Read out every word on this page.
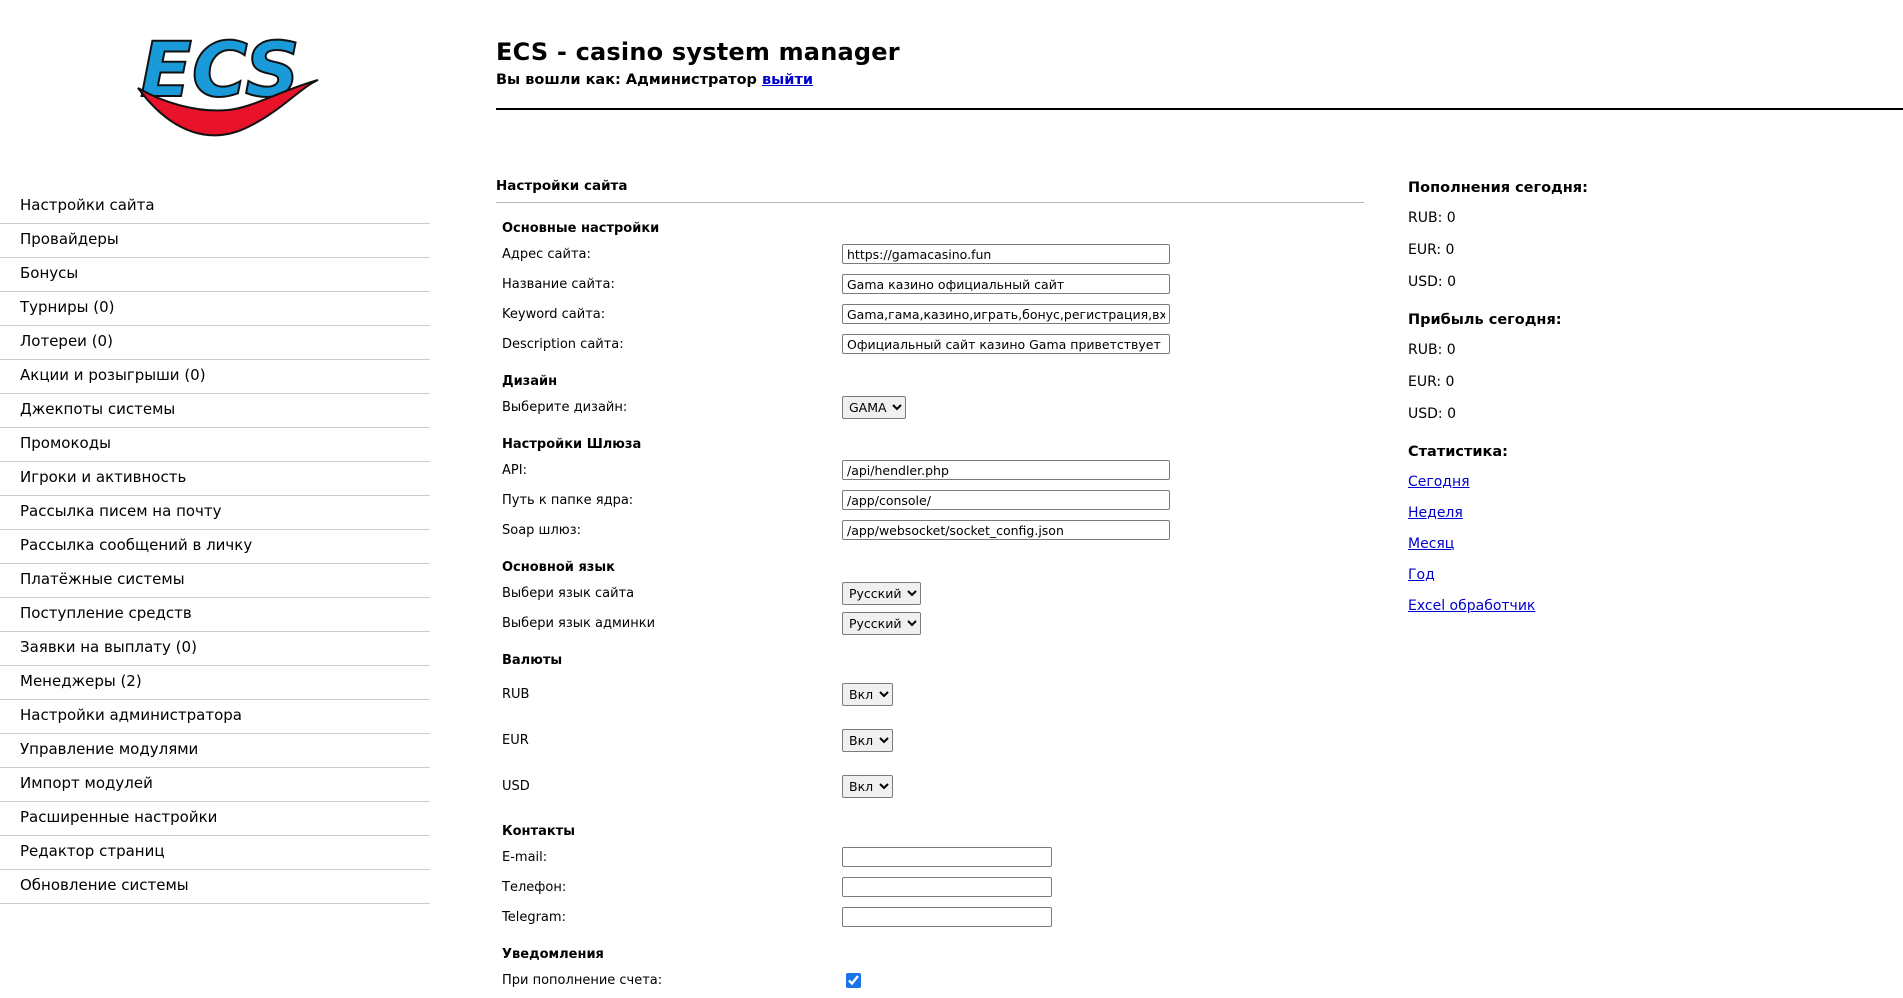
ECS	ECS - casino system manager
Вы вошли как: Администратор выйти
Настройки сайта
Провайдеры
Бонусы
Турниры (0)
Лотереи (0)
Акции и розыгрыши (0)
Джекпоты системы
Промокоды
Игроки и активность
Рассылка писем на почту
Рассылка сообщений в личку
Платёжные системы
Поступление средств
Заявки на выплату (0)
Менеджеры (2)
Настройки администратора
Управление модулями
Импорт модулей
Расширенные настройки
Редактор страниц
Обновление системы
Настройки сайта
Основные настройки
Адрес сайта:
https://gamacasino.fun
Название сайта:
Gama казино официальный сайт
Keyword сайта:
Gama,гама,казино,играть,бонус,регистрация,вход,рул
Description сайта:
Официальный сайт казино Gama приветствует всех иг
Дизайн
Выберите дизайн:
GAMA
Настройки Шлюза
API:
/api/hendler.php
Путь к папке ядра:
/app/console/
Soap шлюз:
/app/websocket/socket_config.json
Основной язык
Выбери язык сайта
Русский
Выбери язык админки
Русский
Валюты
RUB
Вкл
EUR
Вкл
USD
Вкл
Контакты
E-mail:
Телефон:
Telegram:
Уведомления
При пополнение счета:
Пополнения сегодня:
RUB: 0
EUR: 0
USD: 0
Прибыль сегодня:
RUB: 0
EUR: 0
USD: 0
Статистика:
Сегодня
Неделя
Месяц
Год
Excel обработчик
